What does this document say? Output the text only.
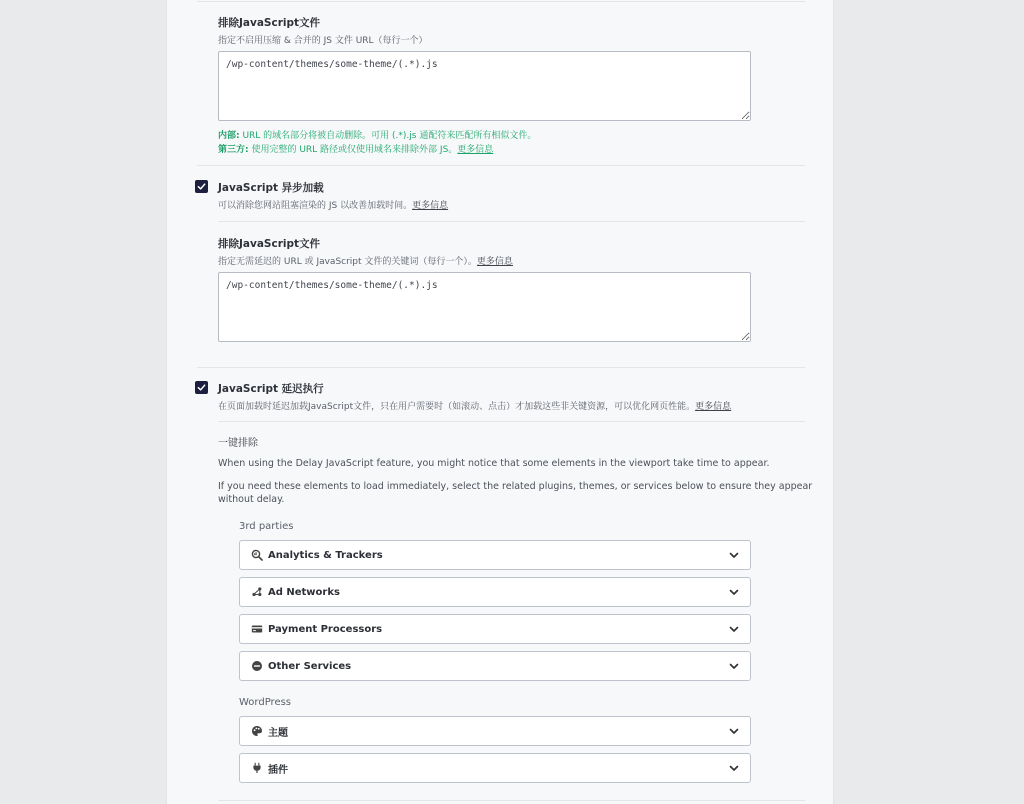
排除JavaScript文件
指定不启用压缩 & 合并的 JS 文件 URL（每行一个）
/wp-content/themes/some-theme/(.*).js
内部: URL 的域名部分将被自动删除。可用 (.*).js 通配符来匹配所有相似文件。
第三方: 使用完整的 URL 路径或仅使用域名来排除外部 JS。更多信息
JavaScript 异步加载
可以消除您网站阻塞渲染的 JS 以改善加载时间。更多信息
排除JavaScript文件
指定无需延迟的 URL 或 JavaScript 文件的关键词（每行一个）。更多信息
/wp-content/themes/some-theme/(.*).js
JavaScript 延迟执行
在页面加载时延迟加载JavaScript文件，只在用户需要时（如滚动、点击）才加载这些非关键资源，可以优化网页性能。更多信息
一键排除
When using the Delay JavaScript feature, you might notice that some elements in the viewport take time to appear.
If you need these elements to load immediately, select the related plugins, themes, or services below to ensure they appear
without delay.
3rd parties
Analytics & Trackers
Ad Networks
Payment Processors
Other Services
WordPress
主题
插件
